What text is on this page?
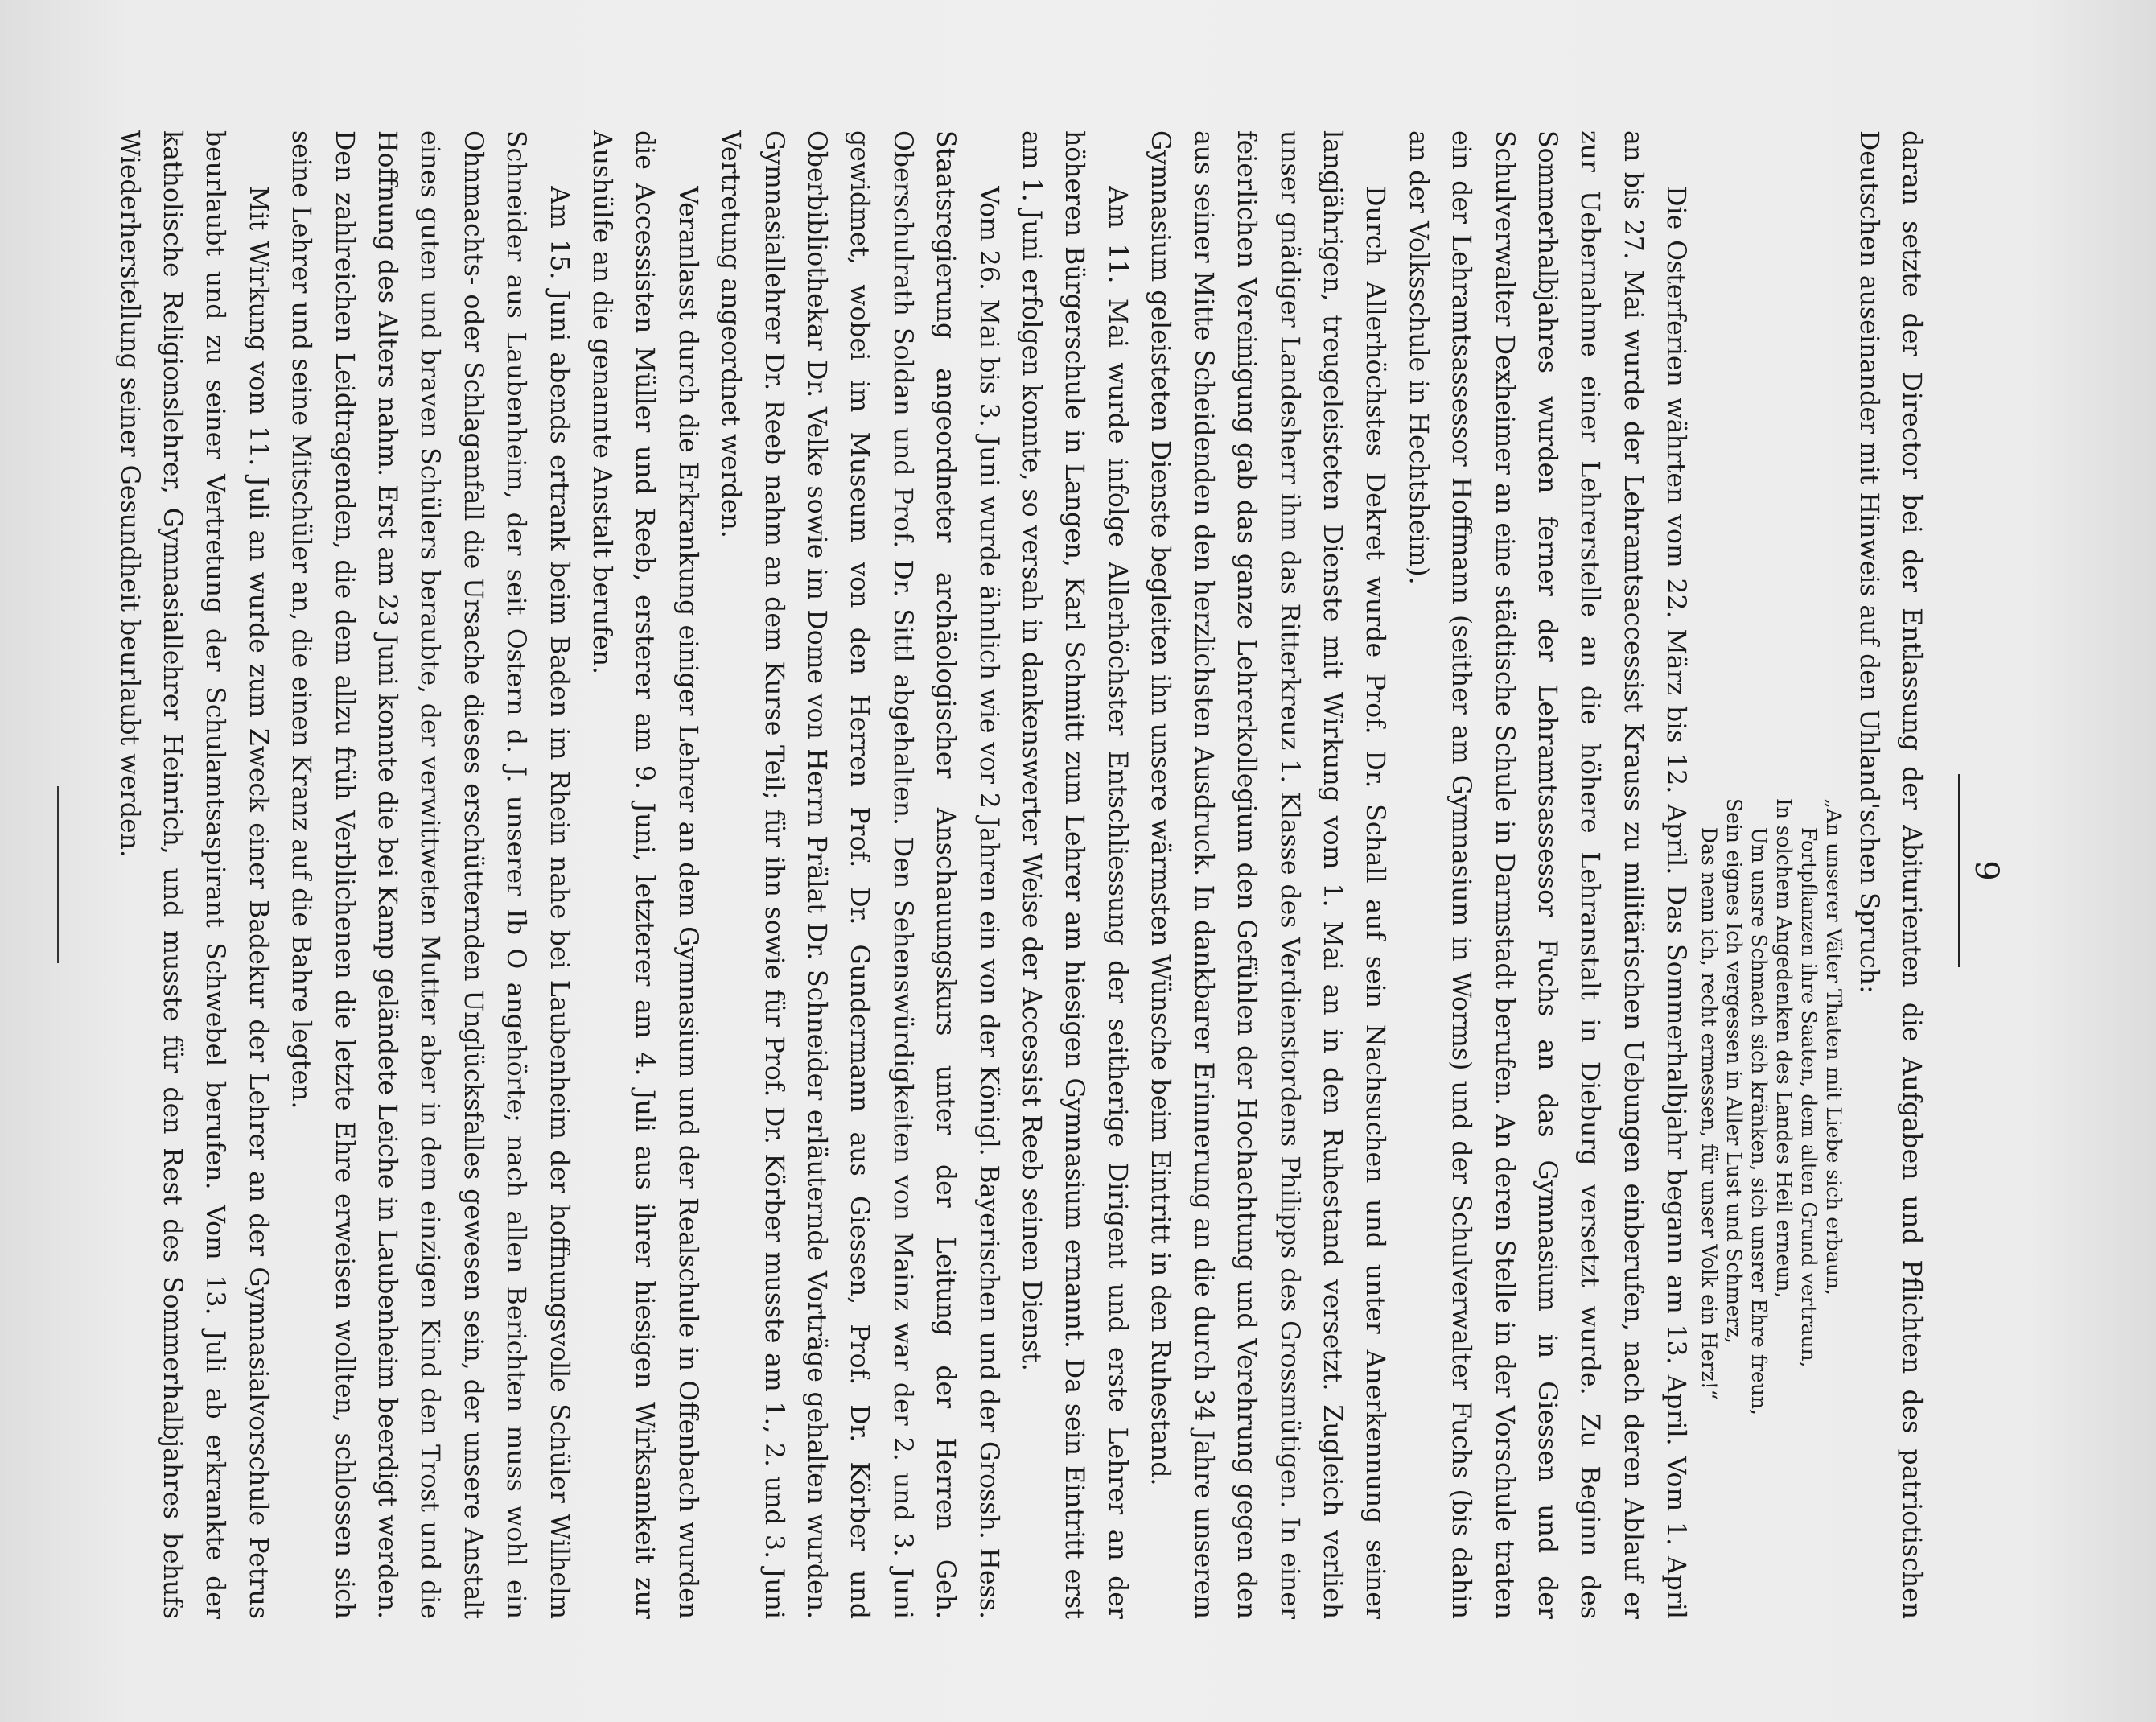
9

daran setzte der Director bei der Entlassung der Abiturienten die Aufgaben und Pflichten des patriotischen Deutschen auseinander mit Hinweis auf den Uhland'schen Spruch:

„An unserer Väter Thaten mit Liebe sich erbaun,
Fortpflanzen ihre Saaten, dem alten Grund vertraun,
In solchem Angedenken des Landes Heil erneun,
Um unsre Schmach sich kränken, sich unsrer Ehre freun,
Sein eignes Ich vergessen in Aller Lust und Schmerz,
Das nenn ich, recht ermessen, für unser Volk ein Herz!“

Die Osterferien währten vom 22. März bis 12. April. Das Sommerhalbjahr begann am 13. April. Vom 1. April an bis 27. Mai wurde der Lehramtsaccessist Krauss zu militärischen Uebungen einberufen, nach deren Ablauf er zur Uebernahme einer Lehrerstelle an die höhere Lehranstalt in Dieburg versetzt wurde. Zu Beginn des Sommerhalbjahres wurden ferner der Lehramtsassessor Fuchs an das Gymnasium in Giessen und der Schulverwalter Dexheimer an eine städtische Schule in Darmstadt berufen. An deren Stelle in der Vorschule traten ein der Lehramtsassessor Hoffmann (seither am Gymnasium in Worms) und der Schulverwalter Fuchs (bis dahin an der Volksschule in Hechtsheim).

Durch Allerhöchstes Dekret wurde Prof. Dr. Schall auf sein Nachsuchen und unter Anerkennung seiner langjährigen, treugeleisteten Dienste mit Wirkung vom 1. Mai an in den Ruhestand versetzt. Zugleich verlieh unser gnädiger Landesherr ihm das Ritterkreuz 1. Klasse des Verdienstordens Philipps des Grossmütigen. In einer feierlichen Vereinigung gab das ganze Lehrerkollegium den Gefühlen der Hochachtung und Verehrung gegen den aus seiner Mitte Scheidenden den herzlichsten Ausdruck. In dankbarer Erinnerung an die durch 34 Jahre unserem Gymnasium geleisteten Dienste begleiten ihn unsere wärmsten Wünsche beim Eintritt in den Ruhestand.

Am 11. Mai wurde infolge Allerhöchster Entschliessung der seitherige Dirigent und erste Lehrer an der höheren Bürgerschule in Langen, Karl Schmitt zum Lehrer am hiesigen Gymnasium ernannt. Da sein Eintritt erst am 1. Juni erfolgen konnte, so versah in dankenswerter Weise der Accessist Reeb seinen Dienst.

Vom 26. Mai bis 3. Juni wurde ähnlich wie vor 2 Jahren ein von der Königl. Bayerischen und der Grossh. Hess. Staatsregierung angeordneter archäologischer Anschauungskurs unter der Leitung der Herren Geh. Oberschulrath Soldan und Prof. Dr. Sittl abgehalten. Den Sehenswürdigkeiten von Mainz war der 2. und 3. Juni gewidmet, wobei im Museum von den Herren Prof. Dr. Gundermann aus Giessen, Prof. Dr. Körber und Oberbibliothekar Dr. Velke sowie im Dome von Herrn Prälat Dr. Schneider erläuternde Vorträge gehalten wurden. Gymnasiallehrer Dr. Reeb nahm an dem Kurse Teil; für ihn sowie für Prof. Dr. Körber musste am 1., 2. und 3. Juni Vertretung angeordnet werden.

Veranlasst durch die Erkrankung einiger Lehrer an dem Gymnasium und der Realschule in Offenbach wurden die Accessisten Müller und Reeb, ersterer am 9. Juni, letzterer am 4. Juli aus ihrer hiesigen Wirksamkeit zur Aushülfe an die genannte Anstalt berufen.

Am 15. Juni abends ertrank beim Baden im Rhein nahe bei Laubenheim der hoffnungsvolle Schüler Wilhelm Schneider aus Laubenheim, der seit Ostern d. J. unserer Ib O angehörte; nach allen Berichten muss wohl ein Ohnmachts- oder Schlaganfall die Ursache dieses erschütternden Unglücksfalles gewesen sein, der unsere Anstalt eines guten und braven Schülers beraubte, der verwittweten Mutter aber in dem einzigen Kind den Trost und die Hoffnung des Alters nahm. Erst am 23 Juni konnte die bei Kamp geländete Leiche in Laubenheim beerdigt werden. Den zahlreichen Leidtragenden, die dem allzu früh Verblichenen die letzte Ehre erweisen wollten, schlossen sich seine Lehrer und seine Mitschüler an, die einen Kranz auf die Bahre legten.

Mit Wirkung vom 11. Juli an wurde zum Zweck einer Badekur der Lehrer an der Gymnasialvorschule Petrus beurlaubt und zu seiner Vertretung der Schulamtsaspirant Schwebel berufen. Vom 13. Juli ab erkrankte der katholische Religionslehrer, Gymnasiallehrer Heinrich, und musste für den Rest des Sommerhalbjahres behufs Wiederherstellung seiner Gesundheit beurlaubt werden.
